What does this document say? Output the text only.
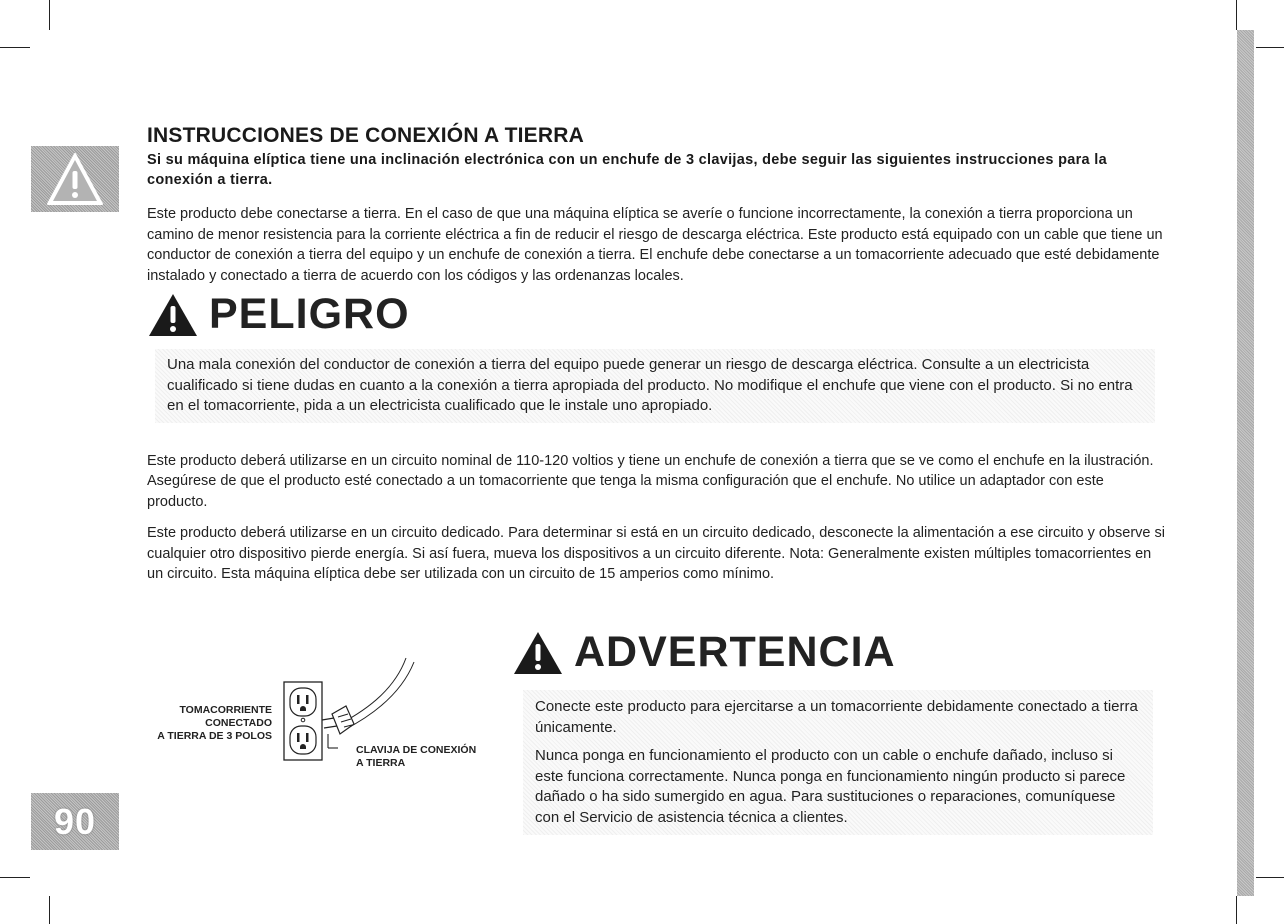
90
INSTRUCCIONES DE CONEXIÓN A TIERRA

Si su máquina elíptica tiene una inclinación electrónica con un enchufe de 3 clavijas, debe seguir las siguientes instrucciones para la conexión a tierra.

Este producto debe conectarse a tierra. En el caso de que una máquina elíptica se averíe o funcione incorrectamente, la conexión a tierra proporciona un camino de menor resistencia para la corriente eléctrica a fin de reducir el riesgo de descarga eléctrica. Este producto está equipado con un cable que tiene un conductor de conexión a tierra del equipo y un enchufe de conexión a tierra. El enchufe debe conectarse a un tomacorriente adecuado que esté debidamente instalado y conectado a tierra de acuerdo con los códigos y las ordenanzas locales.

PELIGRO

Una mala conexión del conductor de conexión a tierra del equipo puede generar un riesgo de descarga eléctrica. Consulte a un electricista cualificado si tiene dudas en cuanto a la conexión a tierra apropiada del producto. No modifique el enchufe que viene con el producto. Si no entra en el tomacorriente, pida a un electricista cualificado que le instale uno apropiado.

Este producto deberá utilizarse en un circuito nominal de 110-120 voltios y tiene un enchufe de conexión a tierra que se ve como el enchufe en la ilustración. Asegúrese de que el producto esté conectado a un tomacorriente que tenga la misma configuración que el enchufe. No utilice un adaptador con este producto.

Este producto deberá utilizarse en un circuito dedicado. Para determinar si está en un circuito dedicado, desconecte la alimentación a ese circuito y observe si cualquier otro dispositivo pierde energía. Si así fuera, mueva los dispositivos a un circuito diferente. Nota: Generalmente existen múltiples tomacorrientes en un circuito. Esta máquina elíptica debe ser utilizada con un circuito de 15 amperios como mínimo.

TOMACORRIENTE
CONECTADO
A TIERRA DE 3 POLOS
CLAVIJA DE CONEXIÓN
A TIERRA
ADVERTENCIA

Conecte este producto para ejercitarse a un tomacorriente debidamente conectado a tierra únicamente.

Nunca ponga en funcionamiento el producto con un cable o enchufe dañado, incluso si este funciona correctamente. Nunca ponga en funcionamiento ningún producto si parece dañado o ha sido sumergido en agua. Para sustituciones o reparaciones, comuníquese con el Servicio de asistencia técnica a clientes.
